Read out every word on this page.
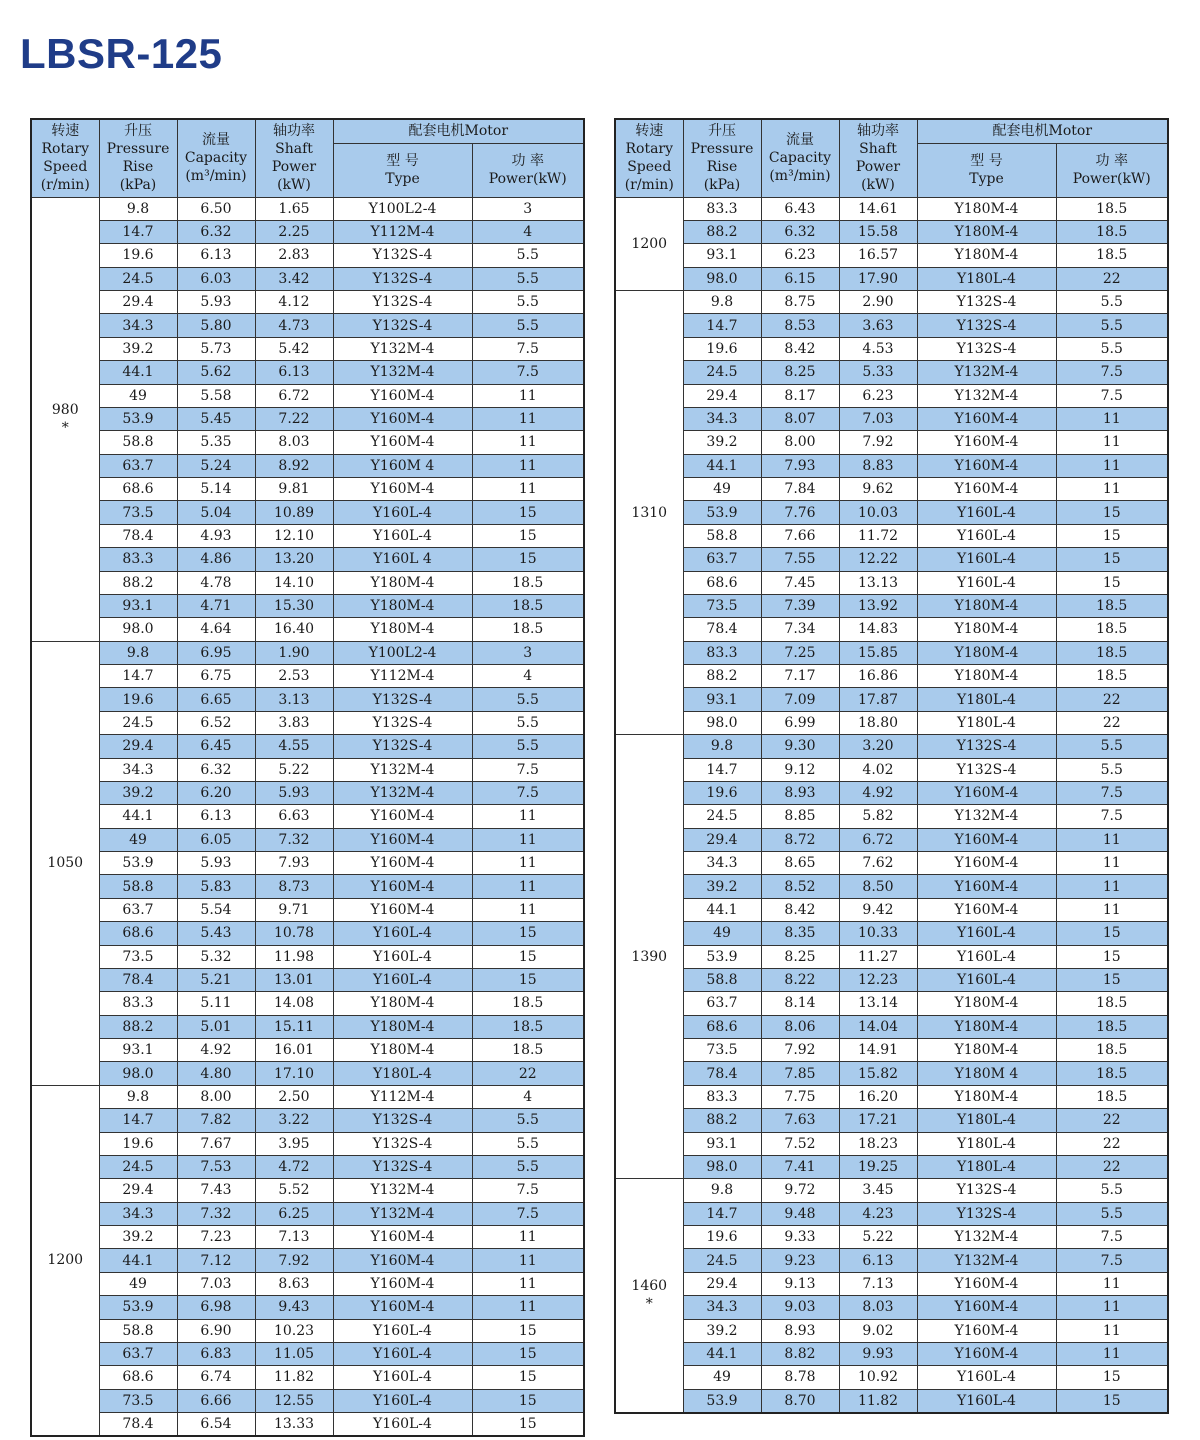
LBSR-125
转速
Rotary
Speed
(r/min)	升压
Pressure
Rise
(kPa)	流量
Capacity
(m³/min)	轴功率
Shaft
Power
(kW)	配套电机Motor	

				型 号
Type	功 率
Power(kW)

980
*	9.8	6.50	1.65	Y100L2-4	3
	14.7	6.32	2.25	Y112M-4	4
	19.6	6.13	2.83	Y132S-4	5.5
	24.5	6.03	3.42	Y132S-4	5.5
	29.4	5.93	4.12	Y132S-4	5.5
	34.3	5.80	4.73	Y132S-4	5.5
	39.2	5.73	5.42	Y132M-4	7.5
	44.1	5.62	6.13	Y132M-4	7.5
	49	5.58	6.72	Y160M-4	11
	53.9	5.45	7.22	Y160M-4	11
	58.8	5.35	8.03	Y160M-4	11
	63.7	5.24	8.92	Y160M 4	11
	68.6	5.14	9.81	Y160M-4	11
	73.5	5.04	10.89	Y160L-4	15
	78.4	4.93	12.10	Y160L-4	15
	83.3	4.86	13.20	Y160L 4	15
	88.2	4.78	14.10	Y180M-4	18.5
	93.1	4.71	15.30	Y180M-4	18.5
	98.0	4.64	16.40	Y180M-4	18.5

1050	9.8	6.95	1.90	Y100L2-4	3
	14.7	6.75	2.53	Y112M-4	4
	19.6	6.65	3.13	Y132S-4	5.5
	24.5	6.52	3.83	Y132S-4	5.5
	29.4	6.45	4.55	Y132S-4	5.5
	34.3	6.32	5.22	Y132M-4	7.5
	39.2	6.20	5.93	Y132M-4	7.5
	44.1	6.13	6.63	Y160M-4	11
	49	6.05	7.32	Y160M-4	11
	53.9	5.93	7.93	Y160M-4	11
	58.8	5.83	8.73	Y160M-4	11
	63.7	5.54	9.71	Y160M-4	11
	68.6	5.43	10.78	Y160L-4	15
	73.5	5.32	11.98	Y160L-4	15
	78.4	5.21	13.01	Y160L-4	15
	83.3	5.11	14.08	Y180M-4	18.5
	88.2	5.01	15.11	Y180M-4	18.5
	93.1	4.92	16.01	Y180M-4	18.5
	98.0	4.80	17.10	Y180L-4	22

1200	9.8	8.00	2.50	Y112M-4	4
	14.7	7.82	3.22	Y132S-4	5.5
	19.6	7.67	3.95	Y132S-4	5.5
	24.5	7.53	4.72	Y132S-4	5.5
	29.4	7.43	5.52	Y132M-4	7.5
	34.3	7.32	6.25	Y132M-4	7.5
	39.2	7.23	7.13	Y160M-4	11
	44.1	7.12	7.92	Y160M-4	11
	49	7.03	8.63	Y160M-4	11
	53.9	6.98	9.43	Y160M-4	11
	58.8	6.90	10.23	Y160L-4	15
	63.7	6.83	11.05	Y160L-4	15
	68.6	6.74	11.82	Y160L-4	15
	73.5	6.66	12.55	Y160L-4	15
	78.4	6.54	13.33	Y160L-4	15
转速
Rotary
Speed
(r/min)	升压
Pressure
Rise
(kPa)	流量
Capacity
(m³/min)	轴功率
Shaft
Power
(kW)	配套电机Motor	

				型 号
Type	功 率
Power(kW)

1200	83.3	6.43	14.61	Y180M-4	18.5
	88.2	6.32	15.58	Y180M-4	18.5
	93.1	6.23	16.57	Y180M-4	18.5
	98.0	6.15	17.90	Y180L-4	22

1310	9.8	8.75	2.90	Y132S-4	5.5
	14.7	8.53	3.63	Y132S-4	5.5
	19.6	8.42	4.53	Y132S-4	5.5
	24.5	8.25	5.33	Y132M-4	7.5
	29.4	8.17	6.23	Y132M-4	7.5
	34.3	8.07	7.03	Y160M-4	11
	39.2	8.00	7.92	Y160M-4	11
	44.1	7.93	8.83	Y160M-4	11
	49	7.84	9.62	Y160M-4	11
	53.9	7.76	10.03	Y160L-4	15
	58.8	7.66	11.72	Y160L-4	15
	63.7	7.55	12.22	Y160L-4	15
	68.6	7.45	13.13	Y160L-4	15
	73.5	7.39	13.92	Y180M-4	18.5
	78.4	7.34	14.83	Y180M-4	18.5
	83.3	7.25	15.85	Y180M-4	18.5
	88.2	7.17	16.86	Y180M-4	18.5
	93.1	7.09	17.87	Y180L-4	22
	98.0	6.99	18.80	Y180L-4	22

1390	9.8	9.30	3.20	Y132S-4	5.5
	14.7	9.12	4.02	Y132S-4	5.5
	19.6	8.93	4.92	Y160M-4	7.5
	24.5	8.85	5.82	Y132M-4	7.5
	29.4	8.72	6.72	Y160M-4	11
	34.3	8.65	7.62	Y160M-4	11
	39.2	8.52	8.50	Y160M-4	11
	44.1	8.42	9.42	Y160M-4	11
	49	8.35	10.33	Y160L-4	15
	53.9	8.25	11.27	Y160L-4	15
	58.8	8.22	12.23	Y160L-4	15
	63.7	8.14	13.14	Y180M-4	18.5
	68.6	8.06	14.04	Y180M-4	18.5
	73.5	7.92	14.91	Y180M-4	18.5
	78.4	7.85	15.82	Y180M 4	18.5
	83.3	7.75	16.20	Y180M-4	18.5
	88.2	7.63	17.21	Y180L-4	22
	93.1	7.52	18.23	Y180L-4	22
	98.0	7.41	19.25	Y180L-4	22

1460
*	9.8	9.72	3.45	Y132S-4	5.5
	14.7	9.48	4.23	Y132S-4	5.5
	19.6	9.33	5.22	Y132M-4	7.5
	24.5	9.23	6.13	Y132M-4	7.5
	29.4	9.13	7.13	Y160M-4	11
	34.3	9.03	8.03	Y160M-4	11
	39.2	8.93	9.02	Y160M-4	11
	44.1	8.82	9.93	Y160M-4	11
	49	8.78	10.92	Y160L-4	15
	53.9	8.70	11.82	Y160L-4	15
